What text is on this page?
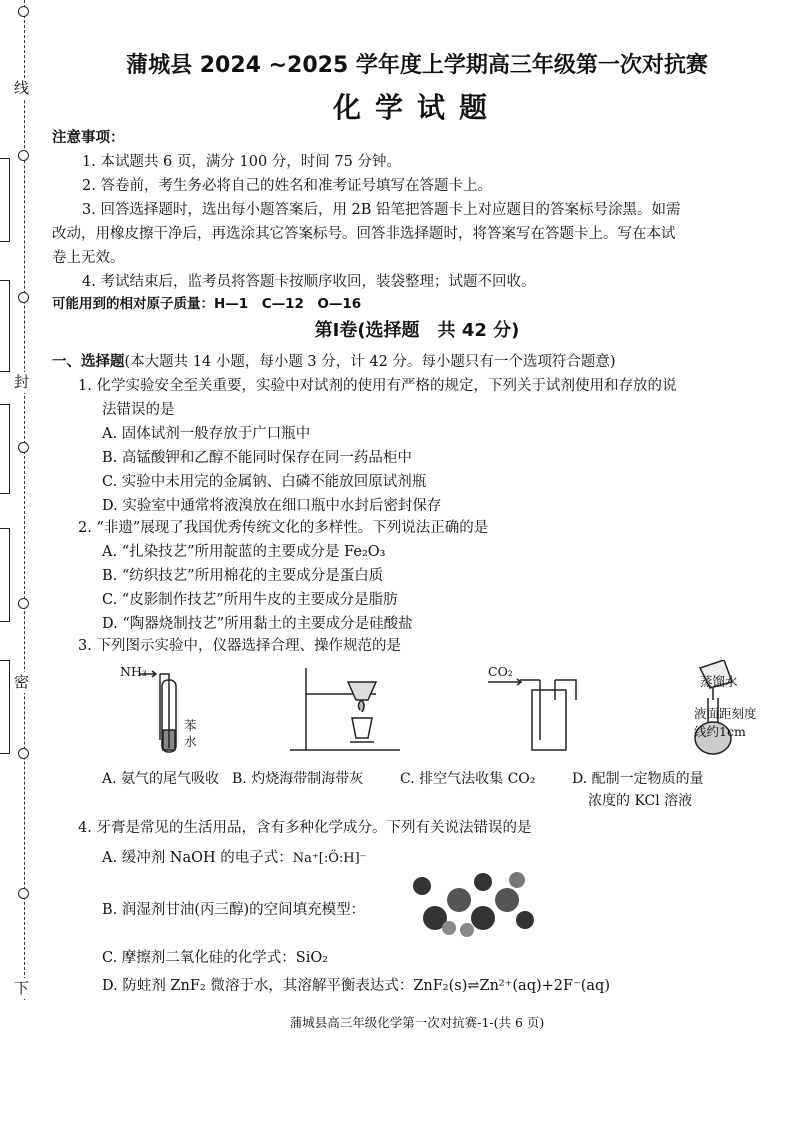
线
封
密
下
蒲城县 2024 ~2025 学年度上学期高三年级第一次对抗赛
化学试题
注意事项：
1. 本试题共 6 页，满分 100 分，时间 75 分钟。
2. 答卷前，考生务必将自己的姓名和准考证号填写在答题卡上。
3. 回答选择题时，选出每小题答案后，用 2B 铅笔把答题卡上对应题目的答案标号涂黑。如需
改动，用橡皮擦干净后，再选涂其它答案标号。回答非选择题时，将答案写在答题卡上。写在本试
卷上无效。
4. 考试结束后，监考员将答题卡按顺序收回，装袋整理；试题不回收。
可能用到的相对原子质量：H—1　C—12　O—16
第Ⅰ卷(选择题　共 42 分)
一、选择题(本大题共 14 小题，每小题 3 分，计 42 分。每小题只有一个选项符合题意)
1. 化学实验安全至关重要，实验中对试剂的使用有严格的规定，下列关于试剂使用和存放的说
法错误的是
A. 固体试剂一般存放于广口瓶中
B. 高锰酸钾和乙醇不能同时保存在同一药品柜中
C. 实验中未用完的金属钠、白磷不能放回原试剂瓶
D. 实验室中通常将液溴放在细口瓶中水封后密封保存
2. “非遗”展现了我国优秀传统文化的多样性。下列说法正确的是
A. “扎染技艺”所用靛蓝的主要成分是 Fe₂O₃
B. “纺织技艺”所用棉花的主要成分是蛋白质
C. “皮影制作技艺”所用牛皮的主要成分是脂肪
D. “陶器烧制技艺”所用黏土的主要成分是硅酸盐
3. 下列图示实验中，仪器选择合理、操作规范的是
NH₃
苯
水
CO₂
蒸馏水
液面距刻度
线约1cm
A. 氨气的尾气吸收 B. 灼烧海带制海带灰	C. 排空气法收集 CO₂	D. 配制一定物质的量
浓度的 KCl 溶液
4. 牙膏是常见的生活用品，含有多种化学成分。下列有关说法错误的是
A. 缓冲剂 NaOH 的电子式：Na⁺[:Ö:H]⁻
B. 润湿剂甘油(丙三醇)的空间填充模型：
C. 摩擦剂二氧化硅的化学式：SiO₂
D. 防蛀剂 ZnF₂ 微溶于水，其溶解平衡表达式：ZnF₂(s)⇌Zn²⁺(aq)+2F⁻(aq)
蒲城县高三年级化学第一次对抗赛-1-(共 6 页)
